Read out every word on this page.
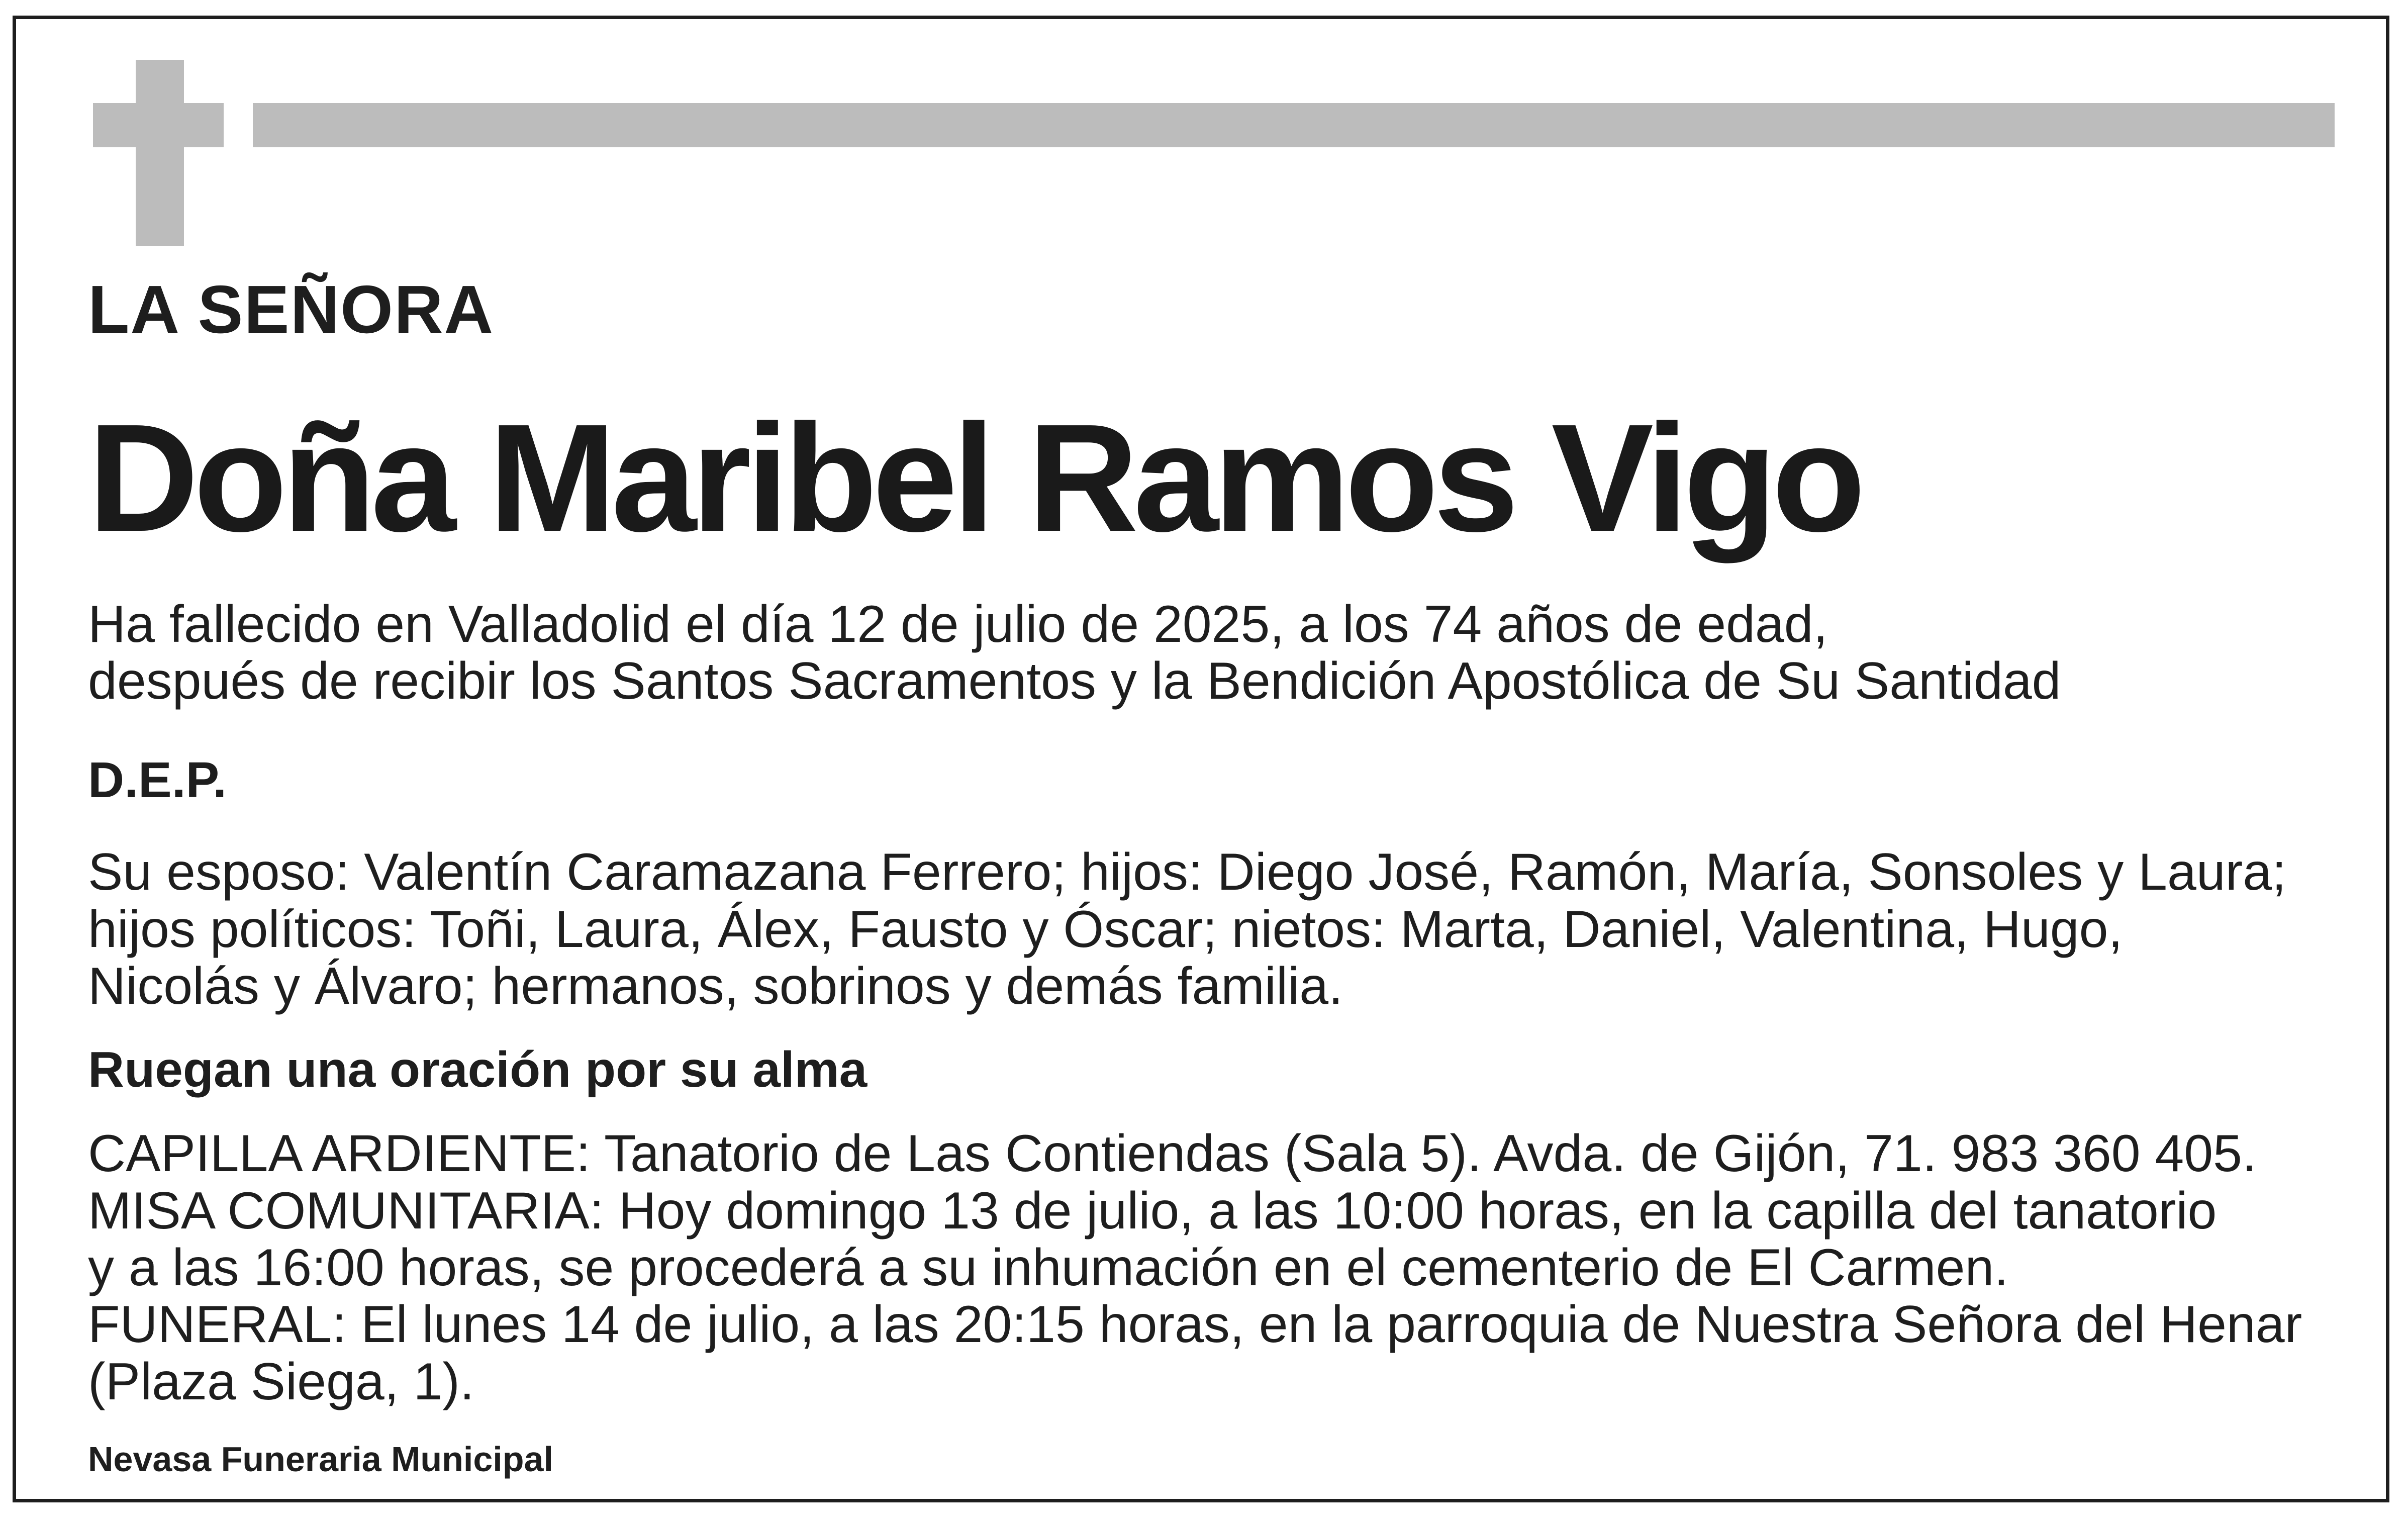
LA SEÑORA

Doña Maribel Ramos Vigo

Ha fallecido en Valladolid el día 12 de julio de 2025, a los 74 años de edad,

después de recibir los Santos Sacramentos y la Bendición Apostólica de Su Santidad

D.E.P.

Su esposo: Valentín Caramazana Ferrero; hijos: Diego José, Ramón, María, Sonsoles y Laura;

hijos políticos: Toñi, Laura, Álex, Fausto y Óscar; nietos: Marta, Daniel, Valentina, Hugo,

Nicolás y Álvaro; hermanos, sobrinos y demás familia.

Ruegan una oración por su alma

CAPILLA ARDIENTE: Tanatorio de Las Contiendas (Sala 5). Avda. de Gijón, 71. 983 360 405.

MISA COMUNITARIA: Hoy domingo 13 de julio, a las 10:00 horas, en la capilla del tanatorio

y a las 16:00 horas, se procederá a su inhumación en el cementerio de El Carmen.

FUNERAL: El lunes 14 de julio, a las 20:15 horas, en la parroquia de Nuestra Señora del Henar

(Plaza Siega, 1).

Nevasa Funeraria Municipal
